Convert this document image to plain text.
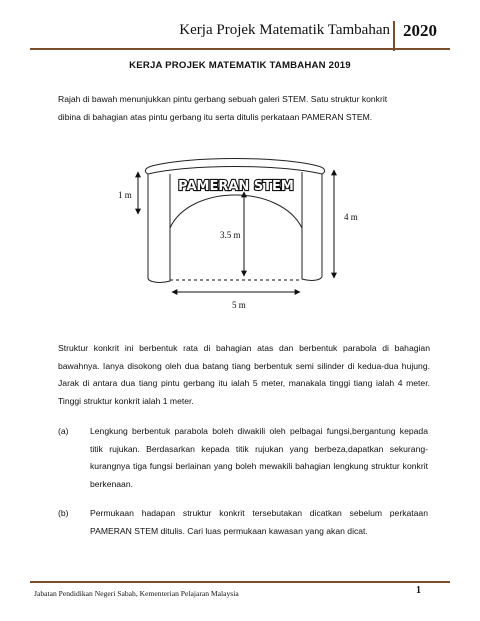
Kerja Projek Matematik Tambahan 2020
KERJA PROJEK MATEMATIK TAMBAHAN 2019
Rajah di bawah menunjukkan pintu gerbang sebuah galeri STEM. Satu struktur konkrit
dibina di bahagian atas pintu gerbang itu serta ditulis perkataan PAMERAN STEM.
PAMERAN STEM
1 m
3.5 m
4 m
5 m
Struktur konkrit ini berbentuk rata di bahagian atas dan berbentuk parabola di bahagian bawahnya. Ianya disokong oleh dua batang tiang berbentuk semi silinder di kedua-dua hujung. Jarak di antara dua tiang pintu gerbang itu ialah 5 meter, manakala tinggi tiang ialah 4 meter. Tinggi struktur konkrit ialah 1 meter.
(a) Lengkung berbentuk parabola boleh diwakili oleh pelbagai fungsi,bergantung kepada titik rujukan. Berdasarkan kepada titik rujukan yang berbeza,dapatkan sekurang-kurangnya tiga fungsi berlainan yang boleh mewakili bahagian lengkung struktur konkrit berkenaan.
(b) Permukaan hadapan struktur konkrit tersebutakan dicatkan sebelum perkataan PAMERAN STEM ditulis. Cari luas permukaan kawasan yang akan dicat.
Jabatan Pendidikan Negeri Sabah, Kementerian Pelajaran Malaysia	1
